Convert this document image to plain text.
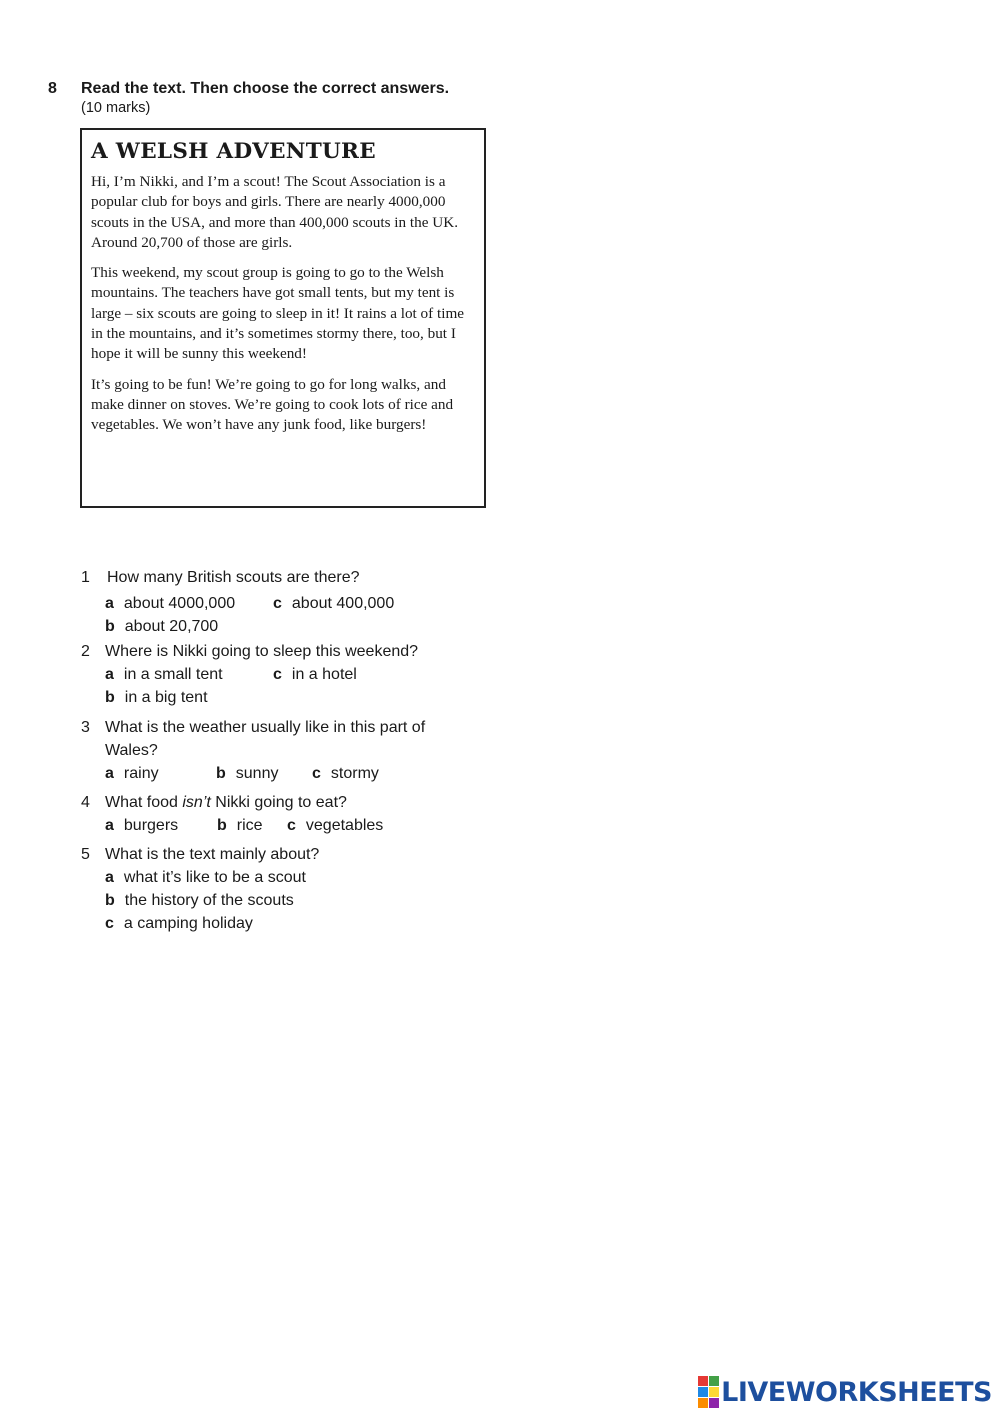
8 Read the text. Then choose the correct answers.
(10 marks)
A WELSH ADVENTURE

Hi, I’m Nikki, and I’m a scout! The Scout Association is a popular club for boys and girls. There are nearly 4000,000 scouts in the USA, and more than 400,000 scouts in the UK. Around 20,700 of those are girls.

This weekend, my scout group is going to go to the Welsh mountains. The teachers have got small tents, but my tent is large – six scouts are going to sleep in it! It rains a lot of time in the mountains, and it’s sometimes stormy there, too, but I hope it will be sunny this weekend!

It’s going to be fun! We’re going to go for long walks, and make dinner on stoves. We’re going to cook lots of rice and vegetables. We won’t have any junk food, like burgers!

1 How many British scouts are there?
a about 4000,000 c about 400,000
b about 20,700
2 Where is Nikki going to sleep this weekend?
a in a small tent	c in a hotel
b in a big tent
3 What is the weather usually like in this part of
Wales?
a rainy	b sunny c stormy
4 What food isn’t Nikki going to eat?
a burgers b rice c vegetables
5 What is the text mainly about?
a what it’s like to be a scout
b the history of the scouts
c a camping holiday
LIVEWORKSHEETS
